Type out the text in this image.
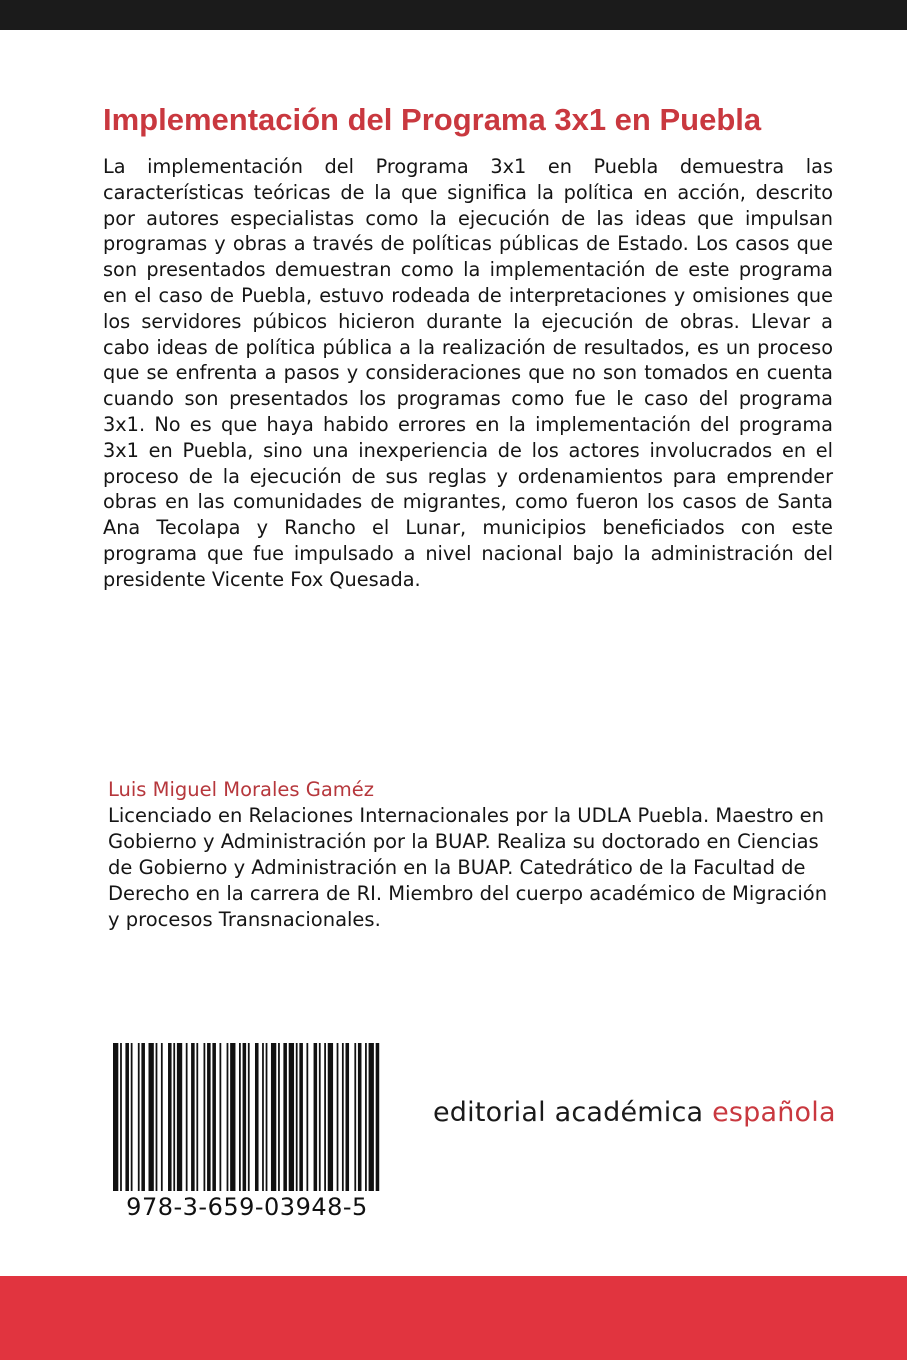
Implementación del Programa 3x1 en Puebla
La implementación del Programa 3x1 en Puebla demuestra las características teóricas de la que significa la política en acción, descrito por autores especialistas como la ejecución de las ideas que impulsan programas y obras a través de políticas públicas de Estado. Los casos que son presentados demuestran como la implementación de este programa en el caso de Puebla, estuvo rodeada de interpretaciones y omisiones que los servidores púbicos hicieron durante la ejecución de obras. Llevar a cabo ideas de política pública a la realización de resultados, es un proceso que se enfrenta a pasos y consideraciones que no son tomados en cuenta cuando son presentados los programas como fue le caso del programa 3x1. No es que haya habido errores en la implementación del programa 3x1 en Puebla, sino una inexperiencia de los actores involucrados en el proceso de la ejecución de sus reglas y ordenamientos para emprender obras en las comunidades de migrantes, como fueron los casos de Santa Ana Tecolapa y Rancho el Lunar, municipios beneficiados con este programa que fue impulsado a nivel nacional bajo la administración del presidente Vicente Fox Quesada.
Luis Miguel Morales Gaméz
Licenciado en Relaciones Internacionales por la UDLA Puebla. Maestro en Gobierno y Administración por la BUAP. Realiza su doctorado en Ciencias de Gobierno y Administración en la BUAP. Catedrático de la Facultad de Derecho en la carrera de RI. Miembro del cuerpo académico de Migración y procesos Transnacionales.
978-3-659-03948-5
editorial académica española
